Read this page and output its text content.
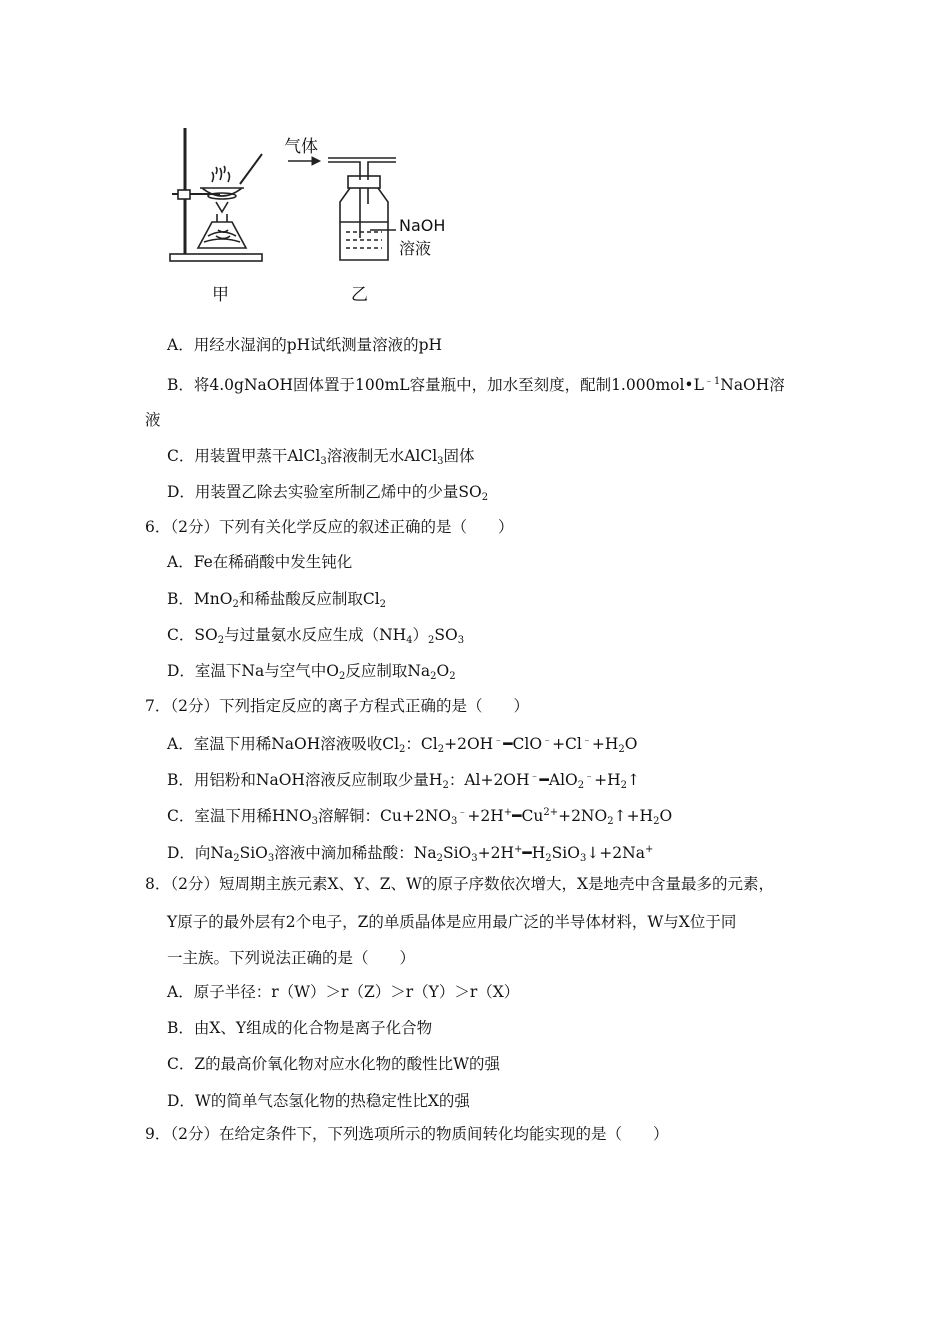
气体
NaOH
溶液
甲	乙
A．用经水湿润的pH试纸测量溶液的pH
B．将4.0gNaOH固体置于100mL容量瓶中，加水至刻度，配制$1.000mol•L^{﹣1}NaOH$溶
液
C．用装置甲蒸干AlCl$_3$溶液制无水AlCl$_3$固体
D．用装置乙除去实验室所制乙烯中的少量$SO_2$
6．（2分）下列有关化学反应的叙述正确的是（　　）
A．Fe在稀硝酸中发生钝化
B．MnO$_2$和稀盐酸反应制取$Cl_2$
C．$SO_2$与过量氨水反应生成$(NH_4)_2SO_3$
D．室温下Na与空气中$O_2$反应制取$Na_2O_2$
7．（2分）下列指定反应的离子方程式正确的是（　　）
A．室温下用稀NaOH溶液吸收$Cl_2$：$Cl_2+2OH^﹣━ClO^﹣+Cl^﹣+H_2O$
B．用铝粉和NaOH溶液反应制取少量$H_2$：$Al+2OH^﹣━AlO_2^﹣+H_2↑$
C．室温下用稀$HNO_3$溶解铜：$Cu+2NO_3^﹣+2H^+━Cu^{2+}+2NO_2↑+H_2O$
D．向$Na_2SiO_3$溶液中滴加稀盐酸：$Na_2SiO_3+2H^+━H_2SiO_3↓+2Na^+$
8．（2分）短周期主族元素X、Y、Z、W的原子序数依次增大，X是地壳中含量最多的元素，
Y原子的最外层有2个电子，Z的单质晶体是应用最广泛的半导体材料，W与X位于同
一主族。下列说法正确的是（　　）
A．原子半径：r（W）＞r（Z）＞r（Y）＞r（X）
B．由X、Y组成的化合物是离子化合物
C．Z的最高价氧化物对应水化物的酸性比W的强
D．W的简单气态氢化物的热稳定性比X的强
9．（2分）在给定条件下，下列选项所示的物质间转化均能实现的是（　　）
